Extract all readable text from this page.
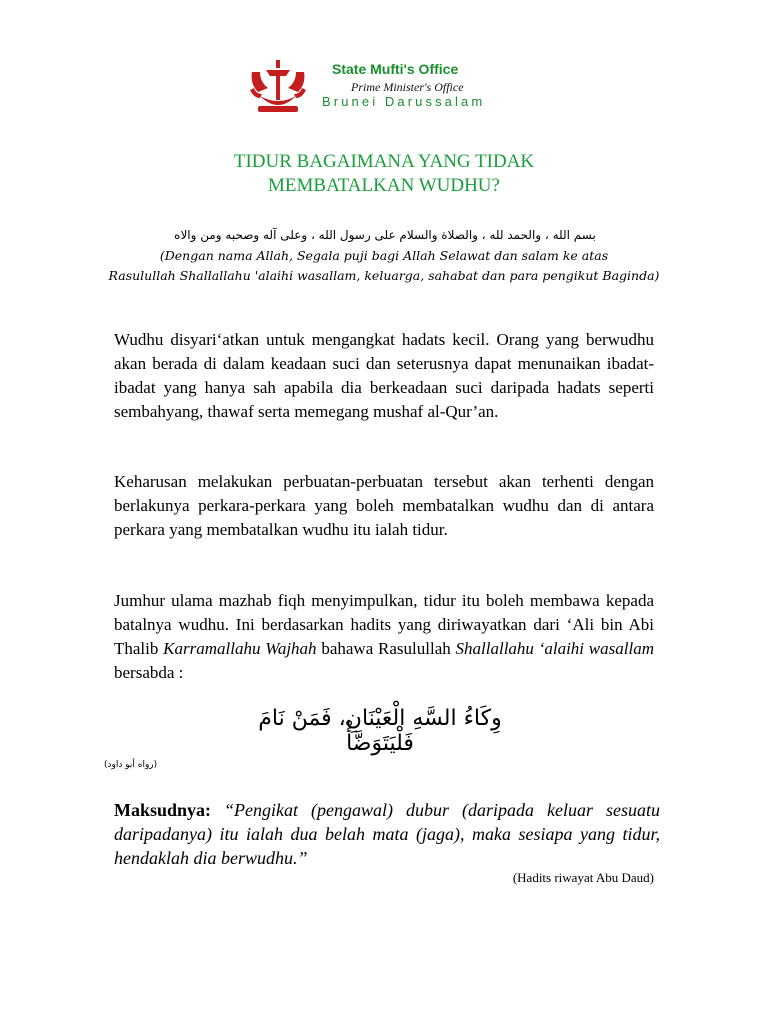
State Mufti's Office
Prime Minister's Office
Brunei Darussalam
TIDUR BAGAIMANA YANG TIDAK
MEMBATALKAN WUDHU?
بسم الله ، والحمد لله ، والصلاة والسلام على رسول الله ، وعلى آله وصحبه ومن والاه
(Dengan nama Allah, Segala puji bagi Allah Selawat dan salam ke atas
Rasulullah Shallallahu 'alaihi wasallam, keluarga, sahabat dan para pengikut Baginda)
Wudhu disyari‘atkan untuk mengangkat hadats kecil. Orang yang berwudhu akan berada di dalam keadaan suci dan seterusnya dapat menunaikan ibadat-ibadat yang hanya sah apabila dia berkeadaan suci daripada hadats seperti sembahyang, thawaf serta memegang mushaf al-Qur’an.
Keharusan melakukan perbuatan-perbuatan tersebut akan terhenti dengan berlakunya perkara-perkara yang boleh membatalkan wudhu dan di antara perkara yang membatalkan wudhu itu ialah tidur.
Jumhur ulama mazhab fiqh menyimpulkan, tidur itu boleh membawa kepada batalnya wudhu. Ini berdasarkan hadits yang diriwayatkan dari ‘Ali bin Abi Thalib Karramallahu Wajhah bahawa Rasulullah Shallallahu ‘alaihi wasallam bersabda :
وِكَاءُ السَّهِ الْعَيْنَانِ، فَمَنْ نَامَ فَلْيَتَوَضَّأْ
(رواه أبو داود)
Maksudnya: “Pengikat (pengawal) dubur (daripada keluar sesuatu daripadanya) itu ialah dua belah mata (jaga), maka sesiapa yang tidur, hendaklah dia berwudhu.”
(Hadits riwayat Abu Daud)
